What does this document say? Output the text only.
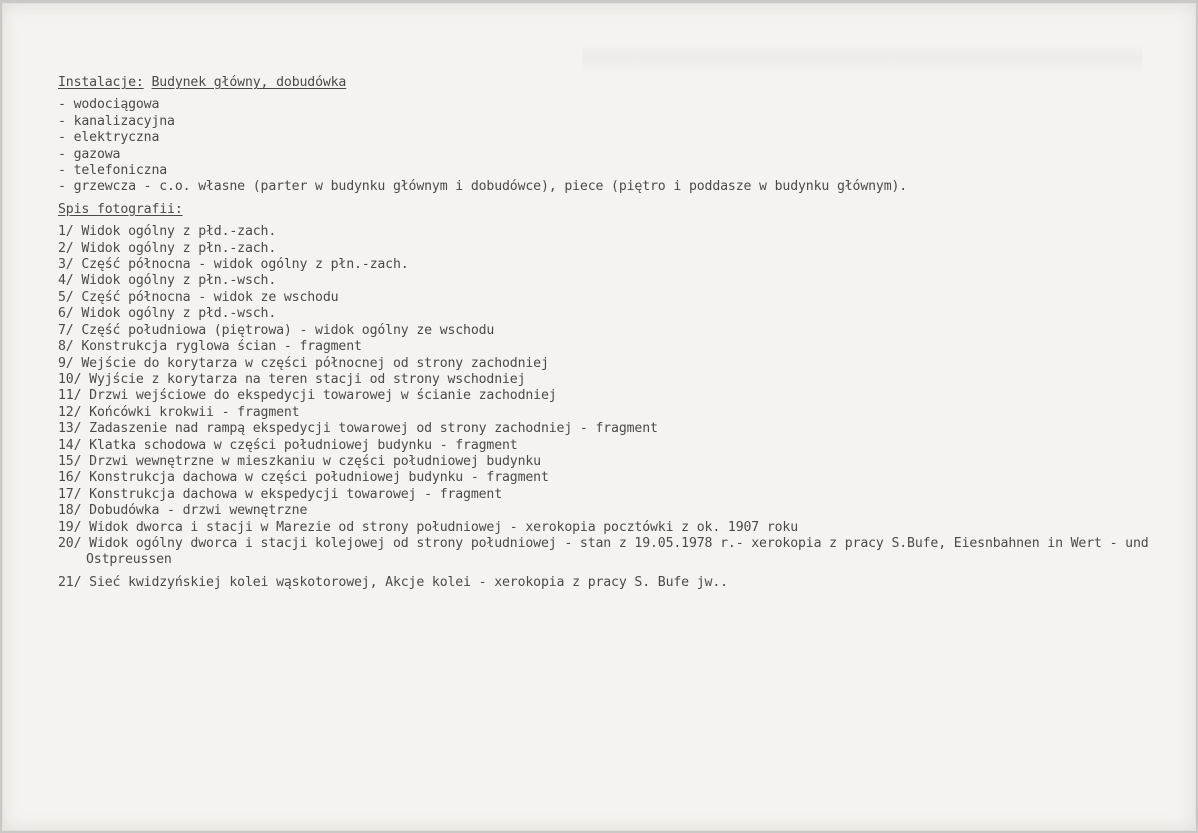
Instalacje: Budynek główny, dobudówka

- wodociągowa

- kanalizacyjna

- elektryczna

- gazowa

- telefoniczna

- grzewcza - c.o. własne (parter w budynku głównym i dobudówce), piece (piętro i poddasze w budynku głównym).

Spis fotografii:

1/ Widok ogólny z płd.-zach.

2/ Widok ogólny z płn.-zach.

3/ Część północna - widok ogólny z płn.-zach.

4/ Widok ogólny z płn.-wsch.

5/ Część północna - widok ze wschodu

6/ Widok ogólny z płd.-wsch.

7/ Część południowa (piętrowa) - widok ogólny ze wschodu

8/ Konstrukcja ryglowa ścian - fragment

9/ Wejście do korytarza w części północnej od strony zachodniej

10/ Wyjście z korytarza na teren stacji od strony wschodniej

11/ Drzwi wejściowe do ekspedycji towarowej w ścianie zachodniej

12/ Końcówki krokwii - fragment

13/ Zadaszenie nad rampą ekspedycji towarowej od strony zachodniej - fragment

14/ Klatka schodowa w części południowej budynku - fragment

15/ Drzwi wewnętrzne w mieszkaniu w części południowej budynku

16/ Konstrukcja dachowa w części południowej budynku - fragment

17/ Konstrukcja dachowa w ekspedycji towarowej - fragment

18/ Dobudówka - drzwi wewnętrzne

19/ Widok dworca i stacji w Marezie od strony południowej - xerokopia pocztówki z ok. 1907 roku

20/ Widok ogólny dworca i stacji kolejowej od strony południowej - stan z 19.05.1978 r.- xerokopia z pracy S.Bufe, Eiesnbahnen in Wert - und Ostpreussen

21/ Sieć kwidzyńskiej kolei wąskotorowej, Akcje kolei - xerokopia z pracy S. Bufe jw..
